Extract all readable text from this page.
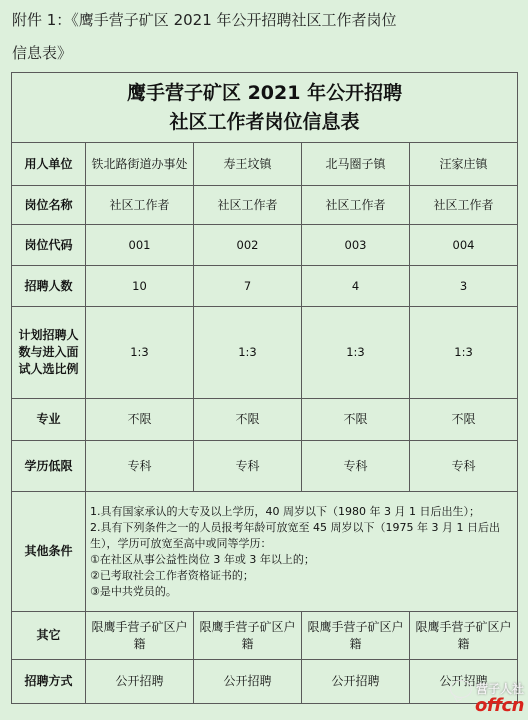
附件 1：《鹰手营子矿区 2021 年公开招聘社区工作者岗位
信息表》
鹰手营子矿区 2021 年公开招聘
社区工作者岗位信息表				

用人单位	铁北路街道办事处	寿王坟镇	北马圈子镇	汪家庄镇
岗位名称	社区工作者	社区工作者	社区工作者	社区工作者
岗位代码	001	002	003	004
招聘人数	10	7	4	3
计划招聘人数与进入面试人选比例	1:3	1:3	1:3	1:3
专业	不限	不限	不限	不限
学历低限	专科	专科	专科	专科
其他条件	1.具有国家承认的大专及以上学历，40 周岁以下（1980 年 3 月 1 日后出生）；
2.具有下列条件之一的人员报考年龄可放宽至 45 周岁以下（1975 年 3 月 1 日后出生），学历可放宽至高中或同等学历：
①在社区从事公益性岗位 3 年或 3 年以上的；
②已考取社会工作者资格证书的；
③是中共党员的。			

其它	限鹰手营子矿区户籍	限鹰手营子矿区户籍	限鹰手营子矿区户籍	限鹰手营子矿区户籍
招聘方式	公开招聘	公开招聘	公开招聘	公开招聘
营子人社
offcn
